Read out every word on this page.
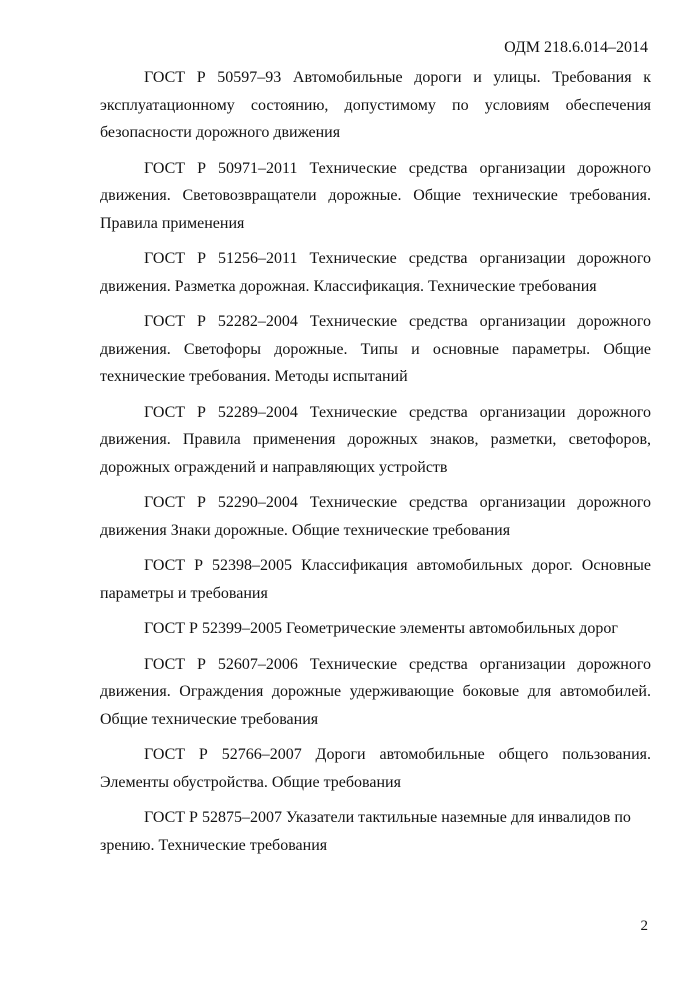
ОДМ 218.6.014–2014

ГОСТ Р 50597–93 Автомобильные дороги и улицы. Требования к эксплуатационному состоянию, допустимому по условиям обеспечения безопасности дорожного движения

ГОСТ Р 50971–2011 Технические средства организации дорожного движения. Световозвращатели дорожные. Общие технические требования. Правила применения

ГОСТ Р 51256–2011 Технические средства организации дорожного движения. Разметка дорожная. Классификация. Технические требования

ГОСТ Р 52282–2004 Технические средства организации дорожного движения. Светофоры дорожные. Типы и основные параметры. Общие технические требования. Методы испытаний

ГОСТ Р 52289–2004 Технические средства организации дорожного движения. Правила применения дорожных знаков, разметки, светофоров, дорожных ограждений и направляющих устройств

ГОСТ Р 52290–2004 Технические средства организации дорожного движения Знаки дорожные. Общие технические требования

ГОСТ Р 52398–2005 Классификация автомобильных дорог. Основные параметры и требования

ГОСТ Р 52399–2005 Геометрические элементы автомобильных дорог

ГОСТ Р 52607–2006 Технические средства организации дорожного движения. Ограждения дорожные удерживающие боковые для автомобилей. Общие технические требования

ГОСТ Р 52766–2007 Дороги автомобильные общего пользования. Элементы обустройства. Общие требования

ГОСТ Р 52875–2007 Указатели тактильные наземные для инвалидов по зрению. Технические требования

2
